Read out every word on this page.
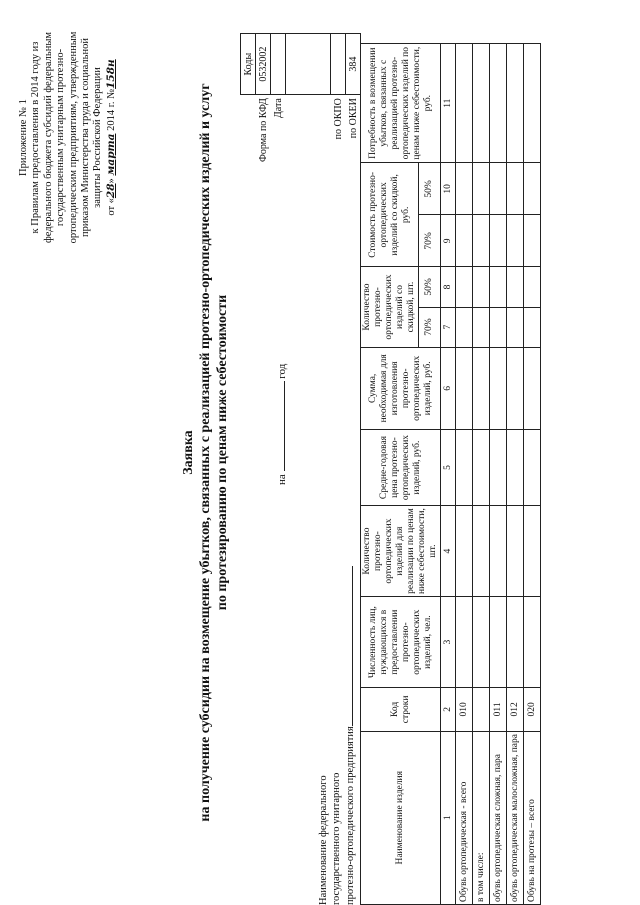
Приложение № 1 к Правилам предоставления в 2014 году из федерального бюджета субсидий федеральным государственным унитарным протезно- ортопедическим предприятиям, утвержденным приказом Министерства труда и социальной защиты Российской Федерации от «28» марта 2014 г. №158н
		Коды
Форма по КФД	0532002
Дата	

по ОКПО	
по ОКЕИ	384
Заявка на получение субсидии на возмещение убытков, связанных с реализацией протезно-ортопедических изделий и услуг по протезированию по ценам ниже себестоимости	на  год
Наименование федерального государственного унитарного протезно-ортопедического предприятия	Наименование изделия	Код строки	Численность лиц, нуждающихся в предоставлении протезно-ортопедических изделий, чел.	Количество протезно-ортопедических изделий для реализации по ценам ниже себестоимости, шт.	Средне-годовая цена протезно-ортопедических изделий, руб.	Сумма, необходимая для изготовления протезно-ортопедических изделий, руб.	Количество протезно-ортопедических изделий со скидкой, шт.		Стоимость протезно-ортопедических изделий со скидкой, руб.		Потребность в возмещении убытков, связанных с реализацией протезно-ортопедических изделий по ценам ниже себестоимости, руб.
						70%	50%	70%	50%	
1	2	3	4	5	6	7	8	9	10	11
Обувь ортопедическая - всего	010									
в том числе:										
обувь ортопедическая сложная, пара	011									
обувь ортопедическая малосложная, пара	012									
Обувь на протезы – всего	020									
